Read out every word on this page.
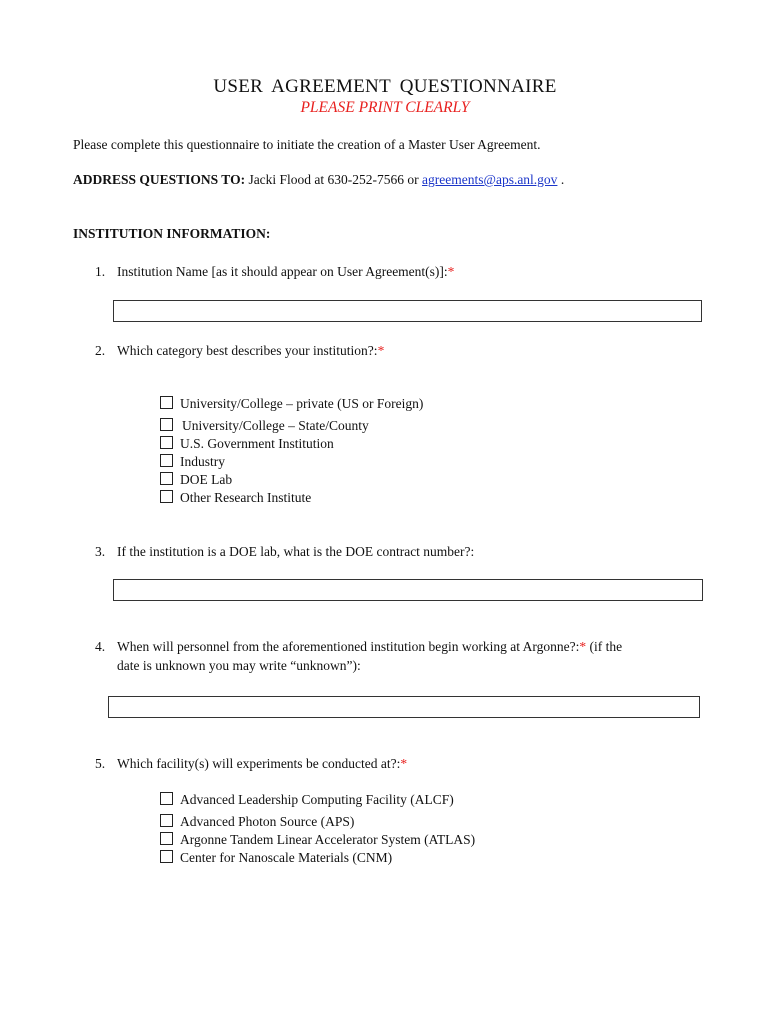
USER AGREEMENT QUESTIONNAIRE
PLEASE PRINT CLEARLY
Please complete this questionnaire to initiate the creation of a Master User Agreement.
ADDRESS QUESTIONS TO: Jacki Flood at 630-252-7566 or agreements@aps.anl.gov .
INSTITUTION INFORMATION:
1. Institution Name [as it should appear on User Agreement(s)]:*
2. Which category best describes your institution?:*
University/College – private (US or Foreign)
University/College – State/County
U.S. Government Institution
Industry
DOE Lab
Other Research Institute
3. If the institution is a DOE lab, what is the DOE contract number?:
4. When will personnel from the aforementioned institution begin working at Argonne?:* (if the
date is unknown you may write “unknown”):
5. Which facility(s) will experiments be conducted at?:*
Advanced Leadership Computing Facility (ALCF)
Advanced Photon Source (APS)
Argonne Tandem Linear Accelerator System (ATLAS)
Center for Nanoscale Materials (CNM)
